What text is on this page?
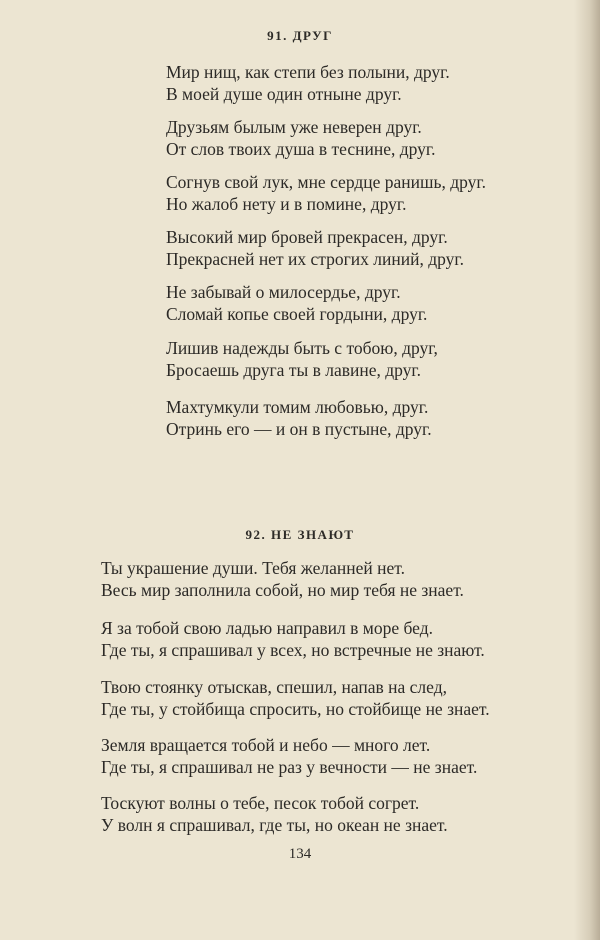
91. ДРУГ
Мир нищ, как степи без полыни, друг.
В моей душе один отныне друг.
Друзьям былым уже неверен друг.
От слов твоих душа в теснине, друг.
Согнув свой лук, мне сердце ранишь, друг.
Но жалоб нету и в помине, друг.
Высокий мир бровей прекрасен, друг.
Прекрасней нет их строгих линий, друг.
Не забывай о милосердье, друг.
Сломай копье своей гордыни, друг.
Лишив надежды быть с тобою, друг,
Бросаешь друга ты в лавине, друг.
Махтумкули томим любовью, друг.
Отринь его — и он в пустыне, друг.
92. НЕ ЗНАЮТ
Ты украшение души. Тебя желанней нет.
Весь мир заполнила собой, но мир тебя не знает.
Я за тобой свою ладью направил в море бед.
Где ты, я спрашивал у всех, но встречные не знают.
Твою стоянку отыскав, спешил, напав на след,
Где ты, у стойбища спросить, но стойбище не знает.
Земля вращается тобой и небо — много лет.
Где ты, я спрашивал не раз у вечности — не знает.
Тоскуют волны о тебе, песок тобой согрет.
У волн я спрашивал, где ты, но океан не знает.
134
